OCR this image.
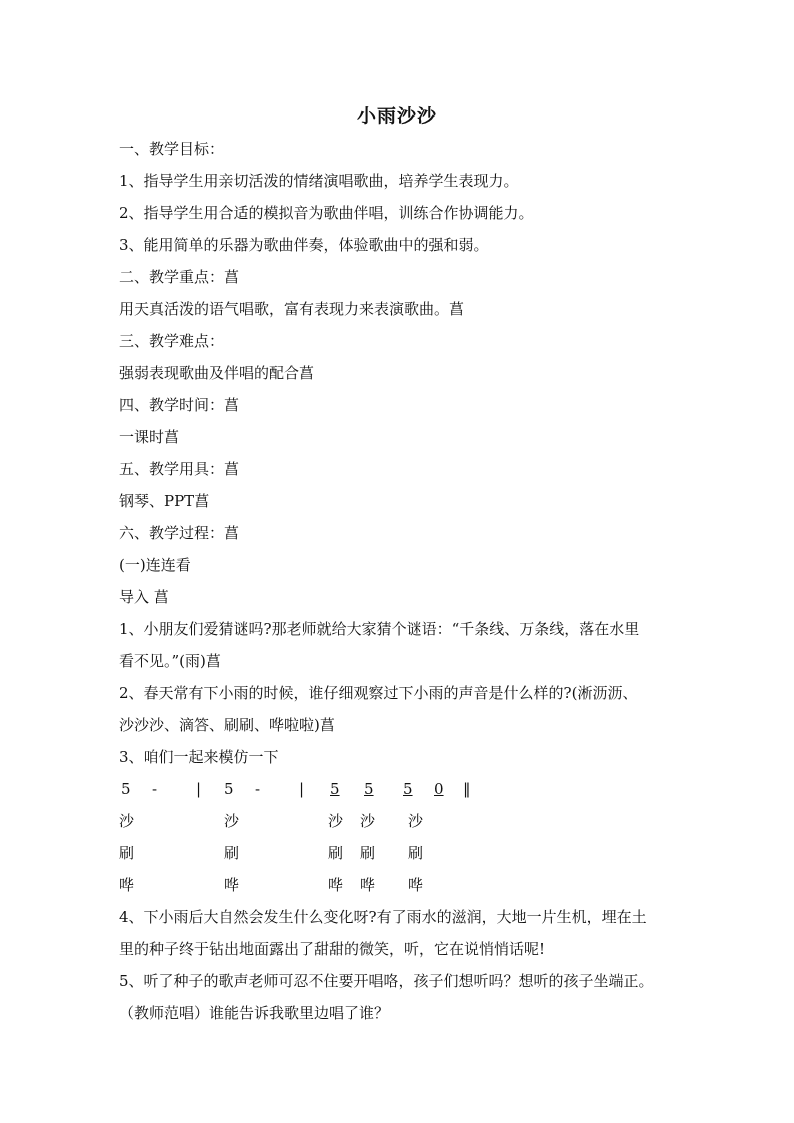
小雨沙沙
一、教学目标：
1、指导学生用亲切活泼的情绪演唱歌曲，培养学生表现力。
2、指导学生用合适的模拟音为歌曲伴唱，训练合作协调能力。
3、能用简单的乐器为歌曲伴奏，体验歌曲中的强和弱。
二、教学重点：菖
用天真活泼的语气唱歌，富有表现力来表演歌曲。菖
三、教学难点：
强弱表现歌曲及伴唱的配合菖
四、教学时间：菖
一课时菖
五、教学用具：菖
钢琴、PPT菖
六、教学过程：菖
(一)连连看
导入 菖
1、小朋友们爱猜谜吗?那老师就给大家猜个谜语：“千条线、万条线，落在水里
看不见。”(雨)菖
2、春天常有下小雨的时候，谁仔细观察过下小雨的声音是什么样的?(淅沥沥、
沙沙沙、滴答、刷刷、哗啦啦)菖
3、咱们一起来模仿一下
5 -	| 5 -	| 5	5 5	0 ‖
沙	沙	沙 沙 沙
刷	刷	刷 刷 刷
哗	哗	哗 哗 哗
4、下小雨后大自然会发生什么变化呀?有了雨水的滋润，大地一片生机，埋在土
里的种子终于钻出地面露出了甜甜的微笑，听，它在说悄悄话呢!
5、听了种子的歌声老师可忍不住要开唱咯，孩子们想听吗？想听的孩子坐端正。
（教师范唱）谁能告诉我歌里边唱了谁？
